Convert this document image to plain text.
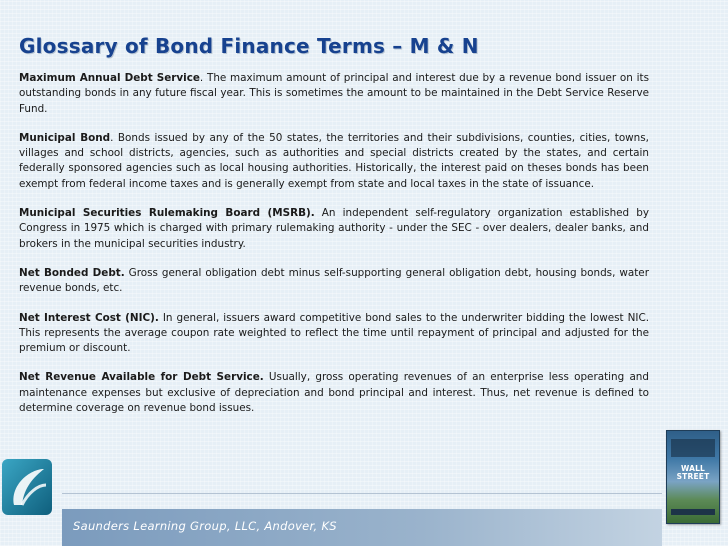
Glossary of Bond Finance Terms – M & N

Maximum Annual Debt Service. The maximum amount of principal and interest due by a revenue bond issuer on its outstanding bonds in any future fiscal year. This is sometimes the amount to be maintained in the Debt Service Reserve Fund.

Municipal Bond. Bonds issued by any of the 50 states, the territories and their subdivisions, counties, cities, towns, villages and school districts, agencies, such as authorities and special districts created by the states, and certain federally sponsored agencies such as local housing authorities. Historically, the interest paid on theses bonds has been exempt from federal income taxes and is generally exempt from state and local taxes in the state of issuance.

Municipal Securities Rulemaking Board (MSRB). An independent self-regulatory organization established by Congress in 1975 which is charged with primary rulemaking authority - under the SEC - over dealers, dealer banks, and brokers in the municipal securities industry.

Net Bonded Debt. Gross general obligation debt minus self-supporting general obligation debt, housing bonds, water revenue bonds, etc.

Net Interest Cost (NIC). In general, issuers award competitive bond sales to the underwriter bidding the lowest NIC. This represents the average coupon rate weighted to reflect the time until repayment of principal and adjusted for the premium or discount.

Net Revenue Available for Debt Service. Usually, gross operating revenues of an enterprise less operating and maintenance expenses but exclusive of depreciation and bond principal and interest. Thus, net revenue is defined to determine coverage on revenue bond issues.

Saunders Learning Group, LLC, Andover, KS
WALL STREET
